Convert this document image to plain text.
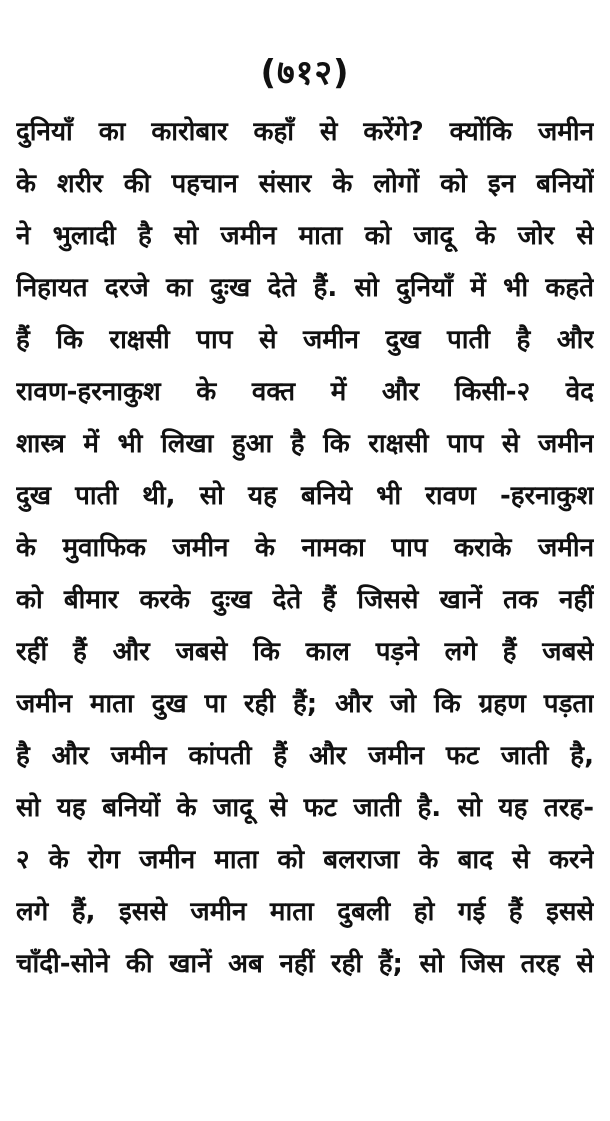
(७१२)
दुनियाँ का कारोबार कहाँ से करेंगे? क्योंकि जमीन
के शरीर की पहचान संसार के लोगों को इन बनियों
ने भुलादी है सो जमीन माता को जादू के जोर से
निहायत दरजे का दुःख देते हैं. सो दुनियाँ में भी कहते
हैं कि राक्षसी पाप से जमीन दुख पाती है और
रावण-हरनाकुश के वक्त में और किसी-२ वेद
शास्त्र में भी लिखा हुआ है कि राक्षसी पाप से जमीन
दुख पाती थी, सो यह बनिये भी रावण -हरनाकुश
के मुवाफिक जमीन के नामका पाप कराके जमीन
को बीमार करके दुःख देते हैं जिससे खानें तक नहीं
रहीं हैं और जबसे कि काल पड़ने लगे हैं जबसे
जमीन माता दुख पा रही हैं; और जो कि ग्रहण पड़ता
है और जमीन कांपती हैं और जमीन फट जाती है,
सो यह बनियों के जादू से फट जाती है. सो यह तरह-
२ के रोग जमीन माता को बलराजा के बाद से करने
लगे हैं, इससे जमीन माता दुबली हो गई हैं इससे
चाँदी-सोने की खानें अब नहीं रही हैं; सो जिस तरह से
